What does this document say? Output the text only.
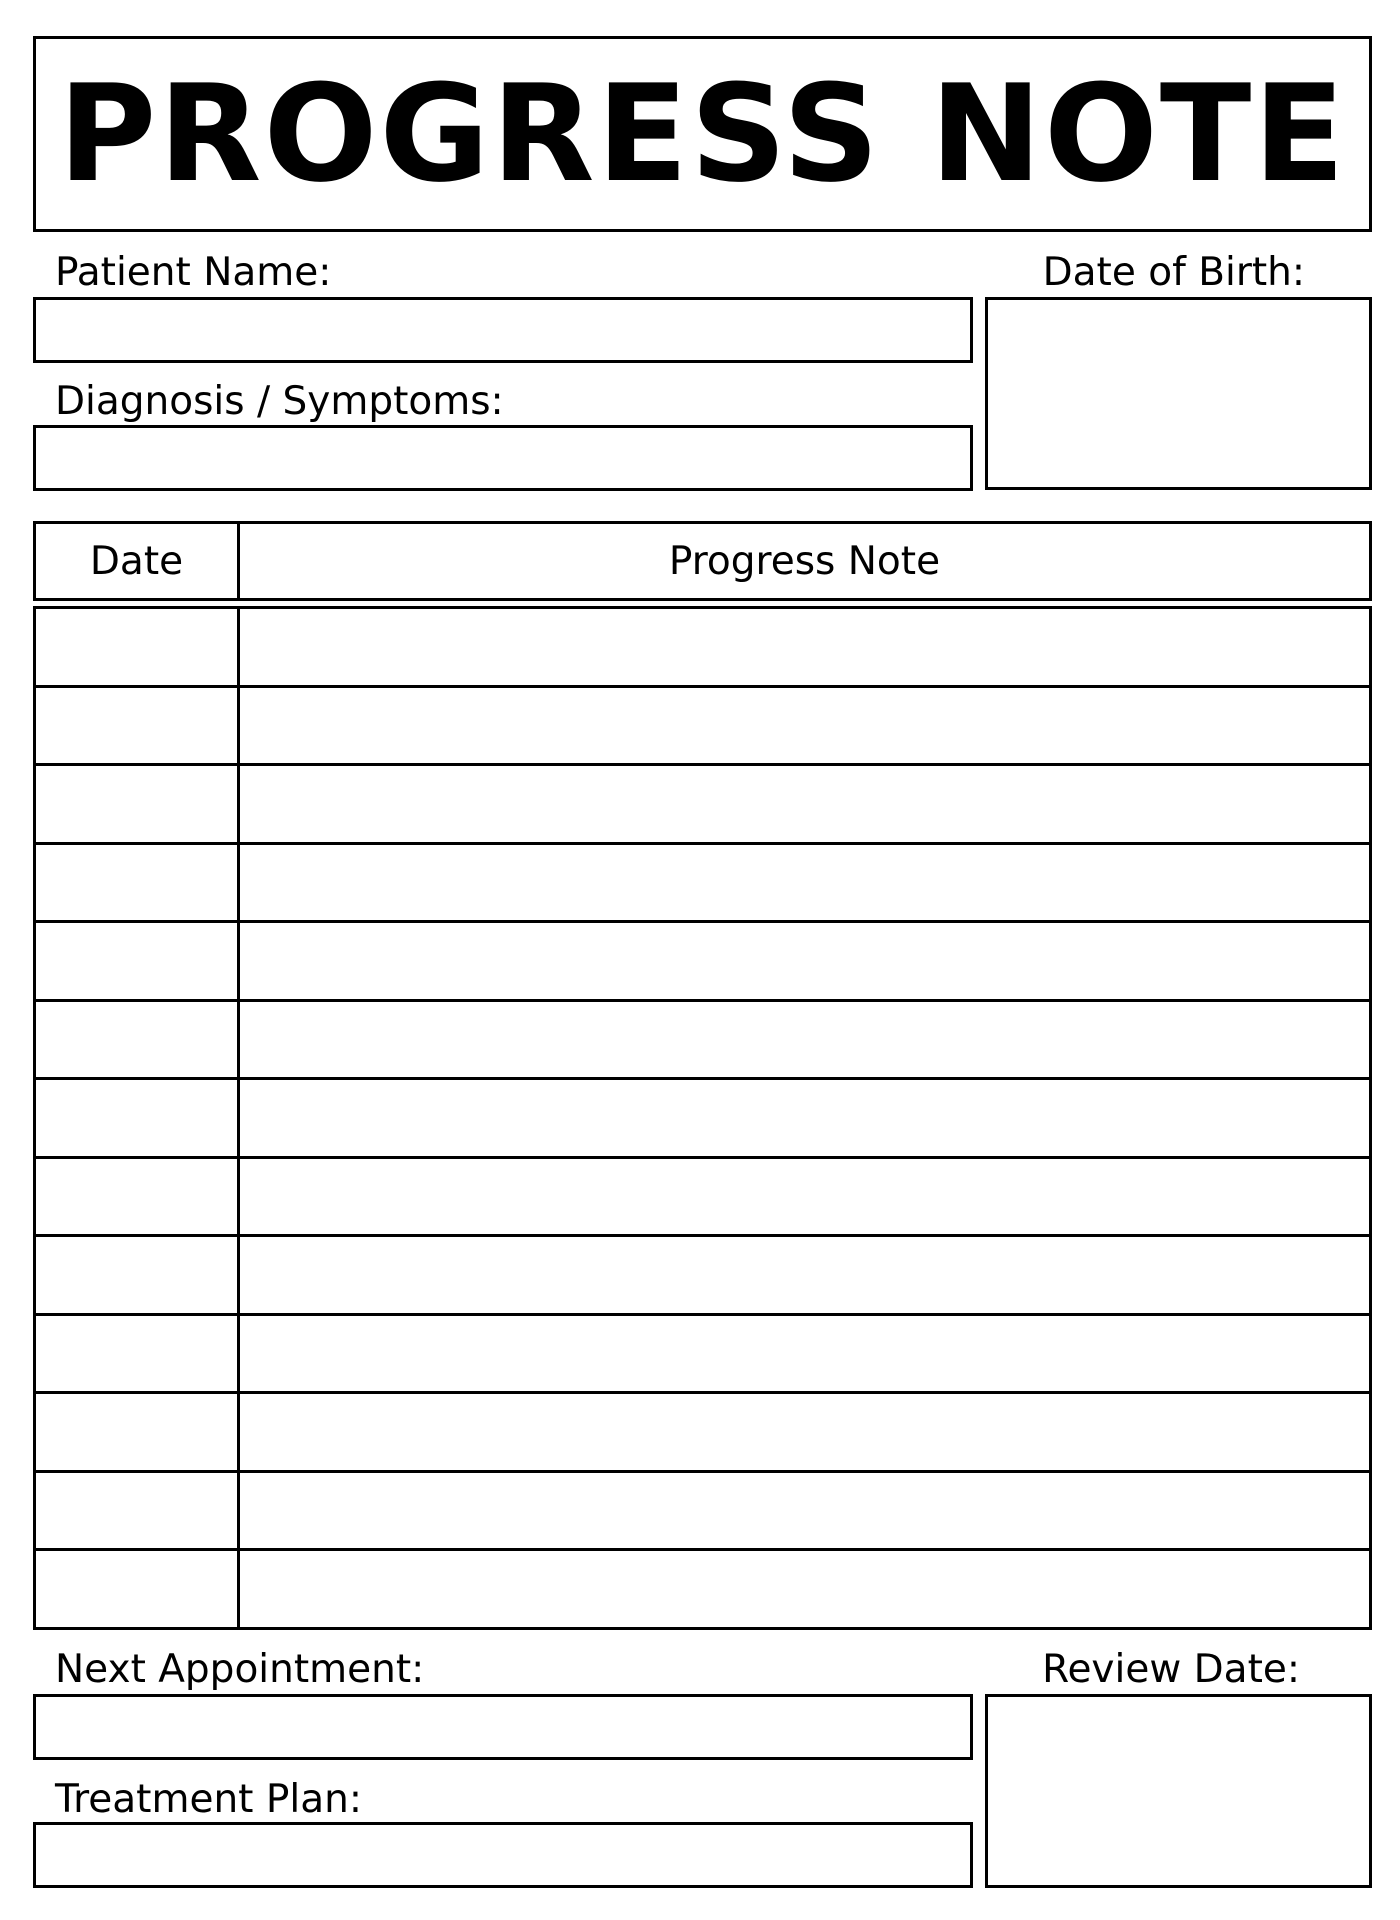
PROGRESS NOTE
Patient Name:	Date of Birth:
Diagnosis / Symptoms:
Date	Progress Note
Next Appointment:	Review Date:
Treatment Plan:
